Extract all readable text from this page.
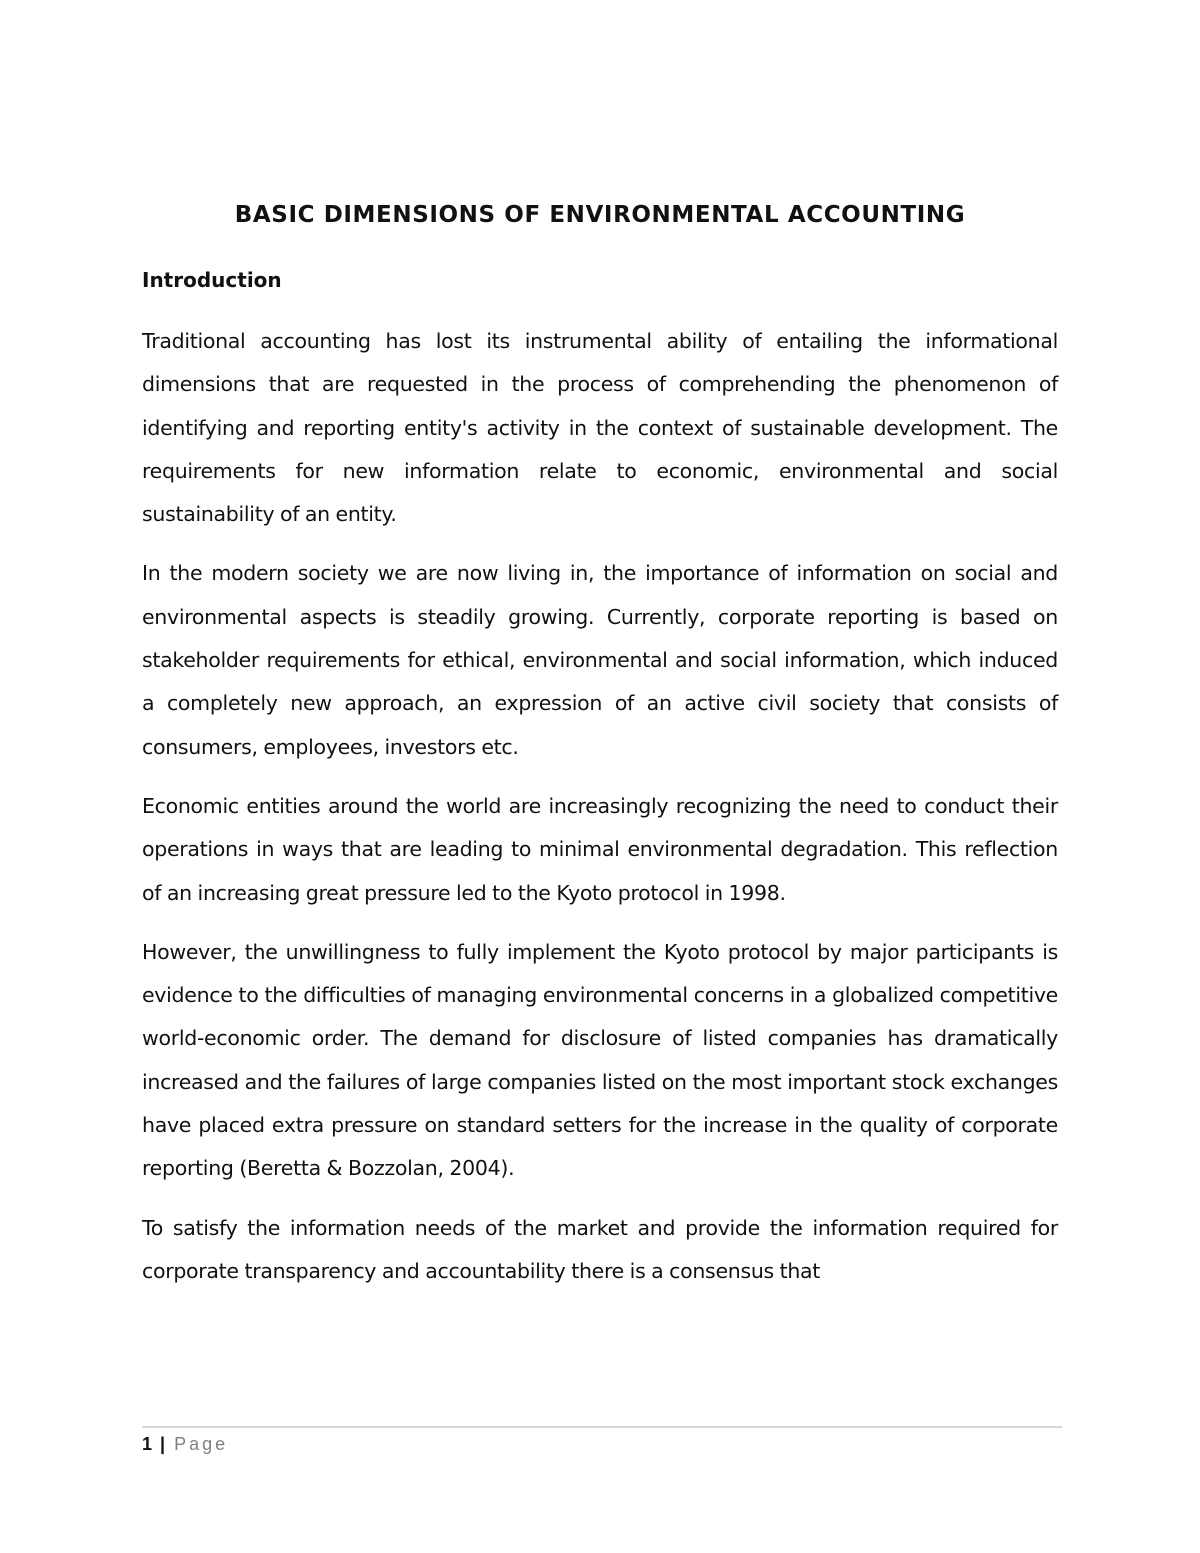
BASIC DIMENSIONS OF ENVIRONMENTAL ACCOUNTING
Introduction

Traditional accounting has lost its instrumental ability of entailing the informational dimensions that are requested in the process of comprehending the phenomenon of identifying and reporting entity's activity in the context of sustainable development. The requirements for new information relate to economic, environmental and social sustainability of an entity.

In the modern society we are now living in, the importance of information on social and environmental aspects is steadily growing. Currently, corporate reporting is based on stakeholder requirements for ethical, environmental and social information, which induced a completely new approach, an expression of an active civil society that consists of consumers, employees, investors etc.

Economic entities around the world are increasingly recognizing the need to conduct their operations in ways that are leading to minimal environmental degradation. This reflection of an increasing great pressure led to the Kyoto protocol in 1998.

However, the unwillingness to fully implement the Kyoto protocol by major participants is evidence to the difficulties of managing environmental concerns in a globalized competitive world-economic order. The demand for disclosure of listed companies has dramatically increased and the failures of large companies listed on the most important stock exchanges have placed extra pressure on standard setters for the increase in the quality of corporate reporting (Beretta & Bozzolan, 2004).

To satisfy the information needs of the market and provide the information required for corporate transparency and accountability there is a consensus that

1 | Page
